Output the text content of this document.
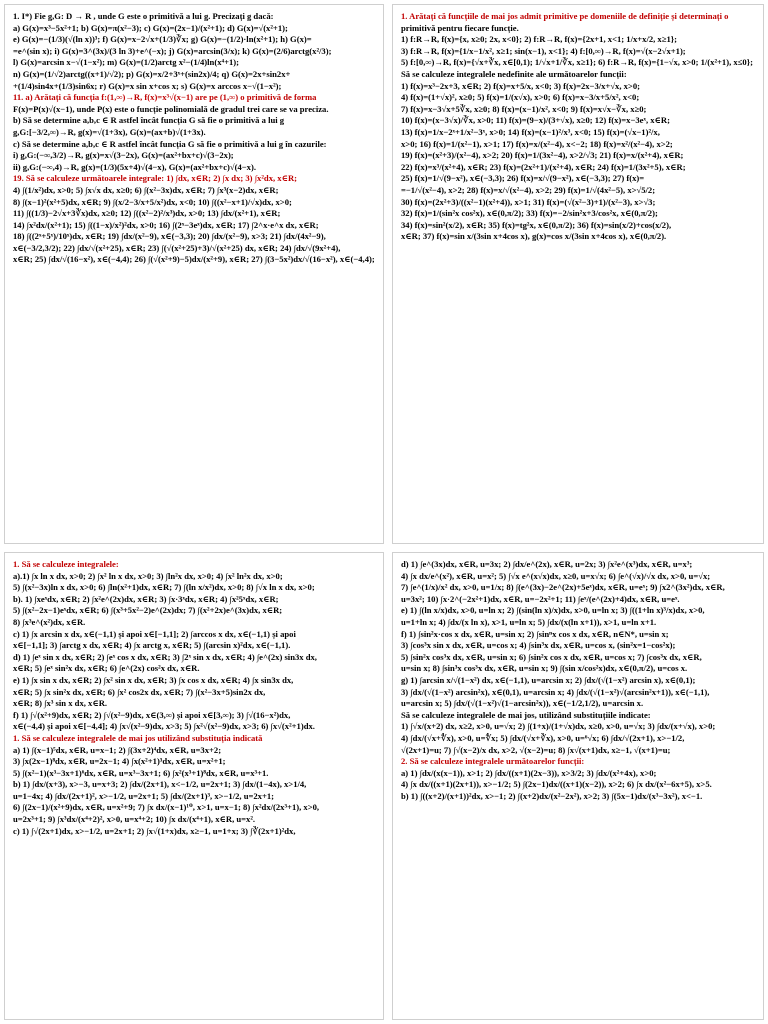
1. I*) Fie g,G: D → R , unde G este o primitivă a lui g. Precizați g dacă:
a) G(x)=x³−5x²+1; b) G(x)=π(x²−3); c) G(x)=(2x−1)/(x²+1); d) G(x)=√(x²+1);
e) G(x)=−(1/3)(√(ln x))³; f) G(x)=x−2√x+(1/3)∛x; g) G(x)=−(1/2)·ln(x²+1); h) G(x)=
=e^(sin x); i) G(x)=3^(3x)/(3 ln 3)+e^(−x); j) G(x)=arcsin(3/x); k) G(x)=(2/6)arctg(x²/3);
l) G(x)=arcsin x−√(1−x²); m) G(x)=(1/2)arctg x²−(1/4)ln(x⁴+1);
n) G(x)=(1/√2)arctg((x+1)/√2); p) G(x)=x/2+3ˣ+(sin2x)/4; q) G(x)=2x+sin2x+
+(1/4)sin4x+(1/3)sin6x; r) G(x)=x sin x+cos x; s) G(x)=x arccos x−√(1−x²);
11. a) Arătați că funcția f:(1,∞)→R, f(x)=x³√(x−1) are pe (1,∞) o primitivă de forma
F(x)=P(x)√(x−1), unde P(x) este o funcție polinomială de gradul trei care se va preciza.
b) Să se determine a,b,c ∈ R astfel încât funcția G să fie o primitivă a lui g
g,G:[−3/2,∞)→R, g(x)=√(1+3x), G(x)=(ax+b)√(1+3x).
c) Să se determine a,b,c ∈ R astfel încât funcția G să fie o primitivă a lui g în cazurile:
i) g,G:(−∞,3/2)→R, g(x)=x√(3−2x), G(x)=(ax²+bx+c)√(3−2x);
ii) g,G:(−∞,4)→R, g(x)=(1/3)(5x+4)√(4−x), G(x)=(ax²+bx+c)√(4−x).
19. Să se calculeze următoarele integrale: 1) ∫dx, x∈R; 2) ∫x dx; 3) ∫x²dx, x∈R;
4) ∫(1/x²)dx, x>0; 5) ∫x√x dx, x≥0; 6) ∫(x²−3x)dx, x∈R; 7) ∫x³(x−2)dx, x∈R;
8) ∫(x−1)²(x²+5)dx, x∈R; 9) ∫(x/2−3/x+5/x²)dx, x<0; 10) ∫((x²−x+1)/√x)dx, x>0;
11) ∫((1/3)−2√x+3∛x)dx, x≥0; 12) ∫((x²−2)²/x³)dx, x>0; 13) ∫dx/(x²+1), x∈R;
14) ∫x²dx/(x²+1); 15) ∫((1−x)/x²)²dx, x>0; 16) ∫(2ˣ−3eˣ)dx, x∈R; 17) ∫2^x·e^x dx, x∈R;
18) ∫((2ˣ+5ˣ)/10ˣ)dx, x∈R; 19) ∫dx/(x²−9), x∈(−3,3); 20) ∫dx/(x²−9), x>3; 21) ∫dx/(4x²−9),
x∈(−3/2,3/2); 22) ∫dx/√(x²+25), x∈R; 23) ∫(√(x²+25)+3)/√(x²+25) dx, x∈R; 24) ∫dx/√(9x²+4),
x∈R; 25) ∫dx/√(16−x²), x∈(−4,4); 26) ∫(√(x²+9)−5)dx/(x²+9), x∈R; 27) ∫(3−5x²)dx/√(16−x²), x∈(−4,4);
1. Arătați că funcțiile de mai jos admit primitive pe domeniile de definiție și determinați o
primitivă pentru fiecare funcție.
1) f:R→R, f(x)={x, x≥0; 2x, x<0}; 2) f:R→R, f(x)={2x+1, x<1; 1/x+x/2, x≥1};
3) f:R→R, f(x)={1/x−1/x², x≥1; sin(x−1), x<1}; 4) f:[0,∞)→R, f(x)=√(x−2√x+1);
5) f:[0,∞)→R, f(x)={√x+∛x, x∈[0,1); 1/√x+1/∛x, x≥1}; 6) f:R→R, f(x)={1−√x, x>0; 1/(x²+1), x≤0};
Să se calculeze integralele nedefinite ale următoarelor funcții:
1) f(x)=x³−2x+3, x∈R; 2) f(x)=x+5/x, x<0; 3) f(x)=2x−3/x+√x, x>0;
4) f(x)=(1+√x)², x≥0; 5) f(x)=1/(x√x), x>0; 6) f(x)=x−3/x+5/x², x<0;
7) f(x)=x−3√x+5∛x, x≥0; 8) f(x)=(x−1)/x², x<0; 9) f(x)=x√x−∛x, x≥0;
10) f(x)=(x−3√x)/∛x, x>0; 11) f(x)=(9−x)/(3+√x), x≥0; 12) f(x)=x−3eˣ, x∈R;
13) f(x)=1/x−2ˣ+1/x²−3ˣ, x>0; 14) f(x)=(x−1)²/x³, x<0; 15) f(x)=(√x−1)²/x,
x>0; 16) f(x)=1/(x²−1), x>1; 17) f(x)=x/(x²−4), x<−2; 18) f(x)=x²/(x²−4), x>2;
19) f(x)=(x²+3)/(x²−4), x>2; 20) f(x)=1/(3x²−4), x>2/√3; 21) f(x)=x/(x²+4), x∈R;
22) f(x)=x³/(x²+4), x∈R; 23) f(x)=(2x²+1)/(x²+4), x∈R; 24) f(x)=1/(3x²+5), x∈R;
25) f(x)=1/√(9−x²), x∈(−3,3); 26) f(x)=x/√(9−x²), x∈(−3,3); 27) f(x)=
=−1/√(x²−4), x>2; 28) f(x)=x/√(x²−4), x>2; 29) f(x)=1/√(4x²−5), x>√5/2;
30) f(x)=(2x²+3)/((x²−1)(x²+4)), x>1; 31) f(x)=(√(x²−3)+1)/(x²−3), x>√3;
32) f(x)=1/(sin²x cos²x), x∈(0,π/2); 33) f(x)=−2/sin²x+3/cos²x, x∈(0,π/2);
34) f(x)=sin²(x/2), x∈R; 35) f(x)=tg²x, x∈(0,π/2); 36) f(x)=sin(x/2)+cos(x/2),
x∈R; 37) f(x)=sin x/(3sin x+4cos x), g(x)=cos x/(3sin x+4cos x), x∈(0,π/2).
1. Să se calculeze integralele:
a).1) ∫x ln x dx, x>0; 2) ∫x² ln x dx, x>0; 3) ∫ln²x dx, x>0; 4) ∫x² ln²x dx, x>0;
5) ∫(x²−3x)ln x dx, x>0; 6) ∫ln(x²+1)dx, x∈R; 7) ∫(ln x/x²)dx, x>0; 8) ∫√x ln x dx, x>0;
b). 1) ∫xeˣdx, x∈R; 2) ∫x²e^(2x)dx, x∈R; 3) ∫x·3ˣdx, x∈R; 4) ∫x²5ˣdx, x∈R;
5) ∫(x²−2x−1)eˣdx, x∈R; 6) ∫(x³+5x²−2)e^(2x)dx; 7) ∫(x²+2x)e^(3x)dx, x∈R;
8) ∫x³e^(x²)dx, x∈R.
c) 1) ∫x arcsin x dx, x∈(−1,1) și apoi x∈[−1,1]; 2) ∫arccos x dx, x∈(−1,1) și apoi
x∈[−1,1]; 3) ∫arctg x dx, x∈R; 4) ∫x arctg x, x∈R; 5) ∫(arcsin x)²dx, x∈(−1,1).
d) 1) ∫eˣ sin x dx, x∈R; 2) ∫eˣ cos x dx, x∈R; 3) ∫2ˣ sin x dx, x∈R; 4) ∫e^(2x) sin3x dx,
x∈R; 5) ∫eˣ sin²x dx, x∈R; 6) ∫e^(2x) cos²x dx, x∈R.
e) 1) ∫x sin x dx, x∈R; 2) ∫x² sin x dx, x∈R; 3) ∫x cos x dx, x∈R; 4) ∫x sin3x dx,
x∈R; 5) ∫x sin²x dx, x∈R; 6) ∫x² cos2x dx, x∈R; 7) ∫(x²−3x+5)sin2x dx,
x∈R; 8) ∫x³ sin x dx, x∈R.
f) 1) ∫√(x²+9)dx, x∈R; 2) ∫√(x²−9)dx, x∈(3,∞) și apoi x∈[3,∞); 3) ∫√(16−x²)dx,
x∈(−4,4) și apoi x∈[−4,4]; 4) ∫x√(x²−9)dx, x>3; 5) ∫x²√(x²−9)dx, x>3; 6) ∫x√(x²+1)dx.
1. Să se calculeze integralele de mai jos utilizând substituția indicată
a) 1) ∫(x−1)⁵dx, x∈R, u=x−1; 2) ∫(3x+2)⁴dx, x∈R, u=3x+2;
3) ∫x(2x−1)⁸dx, x∈R, u=2x−1; 4) ∫x(x²+1)³dx, x∈R, u=x²+1;
5) ∫(x²−1)(x³−3x+1)⁶dx, x∈R, u=x³−3x+1; 6) ∫x²(x³+1)⁸dx, x∈R, u=x³+1.
b) 1) ∫dx/(x+3), x>−3, u=x+3; 2) ∫dx/(2x+1), x<−1/2, u=2x+1; 3) ∫dx/(1−4x), x>1/4,
u=1−4x; 4) ∫dx/(2x+1)², x>−1/2, u=2x+1; 5) ∫dx/(2x+1)³, x>−1/2, u=2x+1;
6) ∫(2x−1)/(x²+9)dx, x∈R, u=x²+9; 7) ∫x dx/(x−1)¹⁰, x>1, u=x−1; 8) ∫x²dx/(2x³+1), x>0,
u=2x³+1; 9) ∫x³dx/(x⁴+2)², x>0, u=x⁴+2; 10) ∫x dx/(x⁴+1), x∈R, u=x².
c) 1) ∫√(2x+1)dx, x>−1/2, u=2x+1; 2) ∫x√(1+x)dx, x≥−1, u=1+x; 3) ∫∛(2x+1)²dx,
d) 1) ∫e^(3x)dx, x∈R, u=3x; 2) ∫dx/e^(2x), x∈R, u=2x; 3) ∫x²e^(x³)dx, x∈R, u=x³;
4) ∫x dx/e^(x²), x∈R, u=x²; 5) ∫√x e^(x√x)dx, x≥0, u=x√x; 6) ∫e^(√x)/√x dx, x>0, u=√x;
7) ∫e^(1/x)/x² dx, x>0, u=1/x; 8) ∫(e^(3x)−2e^(2x)+5eˣ)dx, x∈R, u=eˣ; 9) ∫x2^(3x²)dx, x∈R,
u=3x²; 10) ∫x·2^(−2x²+1)dx, x∈R, u=−2x²+1; 11) ∫eˣ/(e^(2x)+4)dx, x∈R, u=eˣ.
e) 1) ∫(ln x/x)dx, x>0, u=ln x; 2) ∫(sin(ln x)/x)dx, x>0, u=ln x; 3) ∫((1+ln x)³/x)dx, x>0,
u=1+ln x; 4) ∫dx/(x ln x), x>1, u=ln x; 5) ∫dx/(x(ln x+1)), x>1, u=ln x+1.
f) 1) ∫sin²x·cos x dx, x∈R, u=sin x; 2) ∫sinⁿx cos x dx, x∈R, n∈N*, u=sin x;
3) ∫cos³x sin x dx, x∈R, u=cos x; 4) ∫sin³x dx, x∈R, u=cos x, (sin²x=1−cos²x);
5) ∫sin²x cos³x dx, x∈R, u=sin x; 6) ∫sin²x cos x dx, x∈R, u=cos x; 7) ∫cos³x dx, x∈R,
u=sin x; 8) ∫sin³x cos³x dx, x∈R, u=sin x; 9) ∫(sin x/cos²x)dx, x∈(0,π/2), u=cos x.
g) 1) ∫arcsin x/√(1−x²) dx, x∈(−1,1), u=arcsin x; 2) ∫dx/(√(1−x²) arcsin x), x∈(0,1);
3) ∫dx/(√(1−x²) arcsin²x), x∈(0,1), u=arcsin x; 4) ∫dx/(√(1−x²)√(arcsin²x+1)), x∈(−1,1),
u=arcsin x; 5) ∫dx/(√(1−x²)√(1−arcsin²x)), x∈(−1/2,1/2), u=arcsin x.
Să se calculeze integralele de mai jos, utilizând substituțiile indicate:
1) ∫√x/(x+2) dx, x≥2, x>0, u=√x; 2) ∫(1+x)/(1+√x)dx, x≥0, x>0, u=√x; 3) ∫dx/(x+√x), x>0;
4) ∫dx/(√x+∜x), x>0, u=∜x; 5) ∫dx/(√x+∛x), x>0, u=⁶√x; 6) ∫dx/√(2x+1), x>−1/2,
√(2x+1)=u; 7) ∫√(x−2)/x dx, x>2, √(x−2)=u; 8) ∫x√(x+1)dx, x≥−1, √(x+1)=u;
2. Să se calculeze integralele următoarelor funcții:
a) 1) ∫dx/(x(x−1)), x>1; 2) ∫dx/((x+1)(2x−3)), x>3/2; 3) ∫dx/(x²+4x), x>0;
4) ∫x dx/((x+1)(2x+1)), x>−1/2; 5) ∫(2x−1)dx/((x+1)(x−2)), x>2; 6) ∫x dx/(x²−6x+5), x>5.
b) 1) ∫((x+2)/(x+1))²dx, x>−1; 2) ∫(x+2)dx/(x²−2x²), x>2; 3) ∫(5x−1)dx/(x³−3x²), x<−1.
